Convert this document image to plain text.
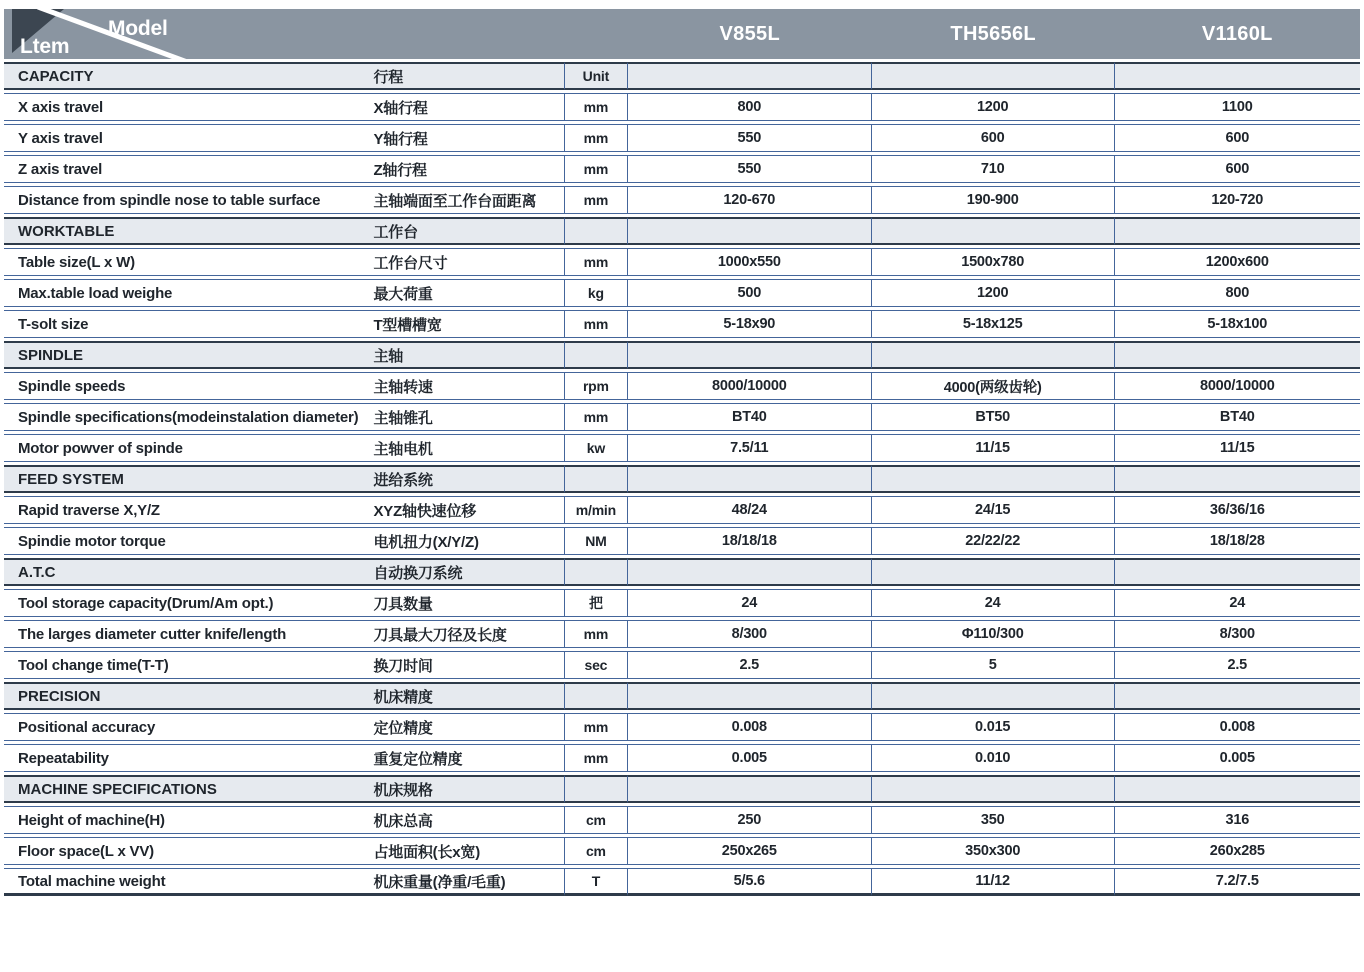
Model
Ltem			V855L	TH5656L	V1160L
CAPACITY	行程	Unit			
X axis travel	X轴行程	mm	800	1200	1100
Y axis travel	Y轴行程	mm	550	600	600
Z axis travel	Z轴行程	mm	550	710	600
Distance from spindle nose to table surface	主轴端面至工作台面距离	mm	120-670	190-900	120-720
WORKTABLE	工作台				
Table size(L x W)	工作台尺寸	mm	1000x550	1500x780	1200x600
Max.table load weighe	最大荷重	kg	500	1200	800
T-solt size	T型槽槽宽	mm	5-18x90	5-18x125	5-18x100
SPINDLE	主轴				
Spindle speeds	主轴转速	rpm	8000/10000	4000(两级齿轮)	8000/10000
Spindle specifications(modeinstalation diameter)	主轴锥孔	mm	BT40	BT50	BT40
Motor powver of spinde	主轴电机	kw	7.5/11	11/15	11/15
FEED SYSTEM	进给系统				
Rapid traverse X,Y/Z	XYZ轴快速位移	m/min	48/24	24/15	36/36/16
Spindie motor torque	电机扭力(X/Y/Z)	NM	18/18/18	22/22/22	18/18/28
A.T.C	自动换刀系统				
Tool storage capacity(Drum/Am opt.)	刀具数量	把	24	24	24
The larges diameter cutter knife/length	刀具最大刀径及长度	mm	8/300	Φ110/300	8/300
Tool change time(T-T)	换刀时间	sec	2.5	5	2.5
PRECISION	机床精度				
Positional accuracy	定位精度	mm	0.008	0.015	0.008
Repeatability	重复定位精度	mm	0.005	0.010	0.005
MACHINE SPECIFICATIONS	机床规格				
Height of machine(H)	机床总高	cm	250	350	316
Floor space(L x VV)	占地面积(长x宽)	cm	250x265	350x300	260x285
Total machine weight	机床重量(净重/毛重)	T	5/5.6	11/12	7.2/7.5
